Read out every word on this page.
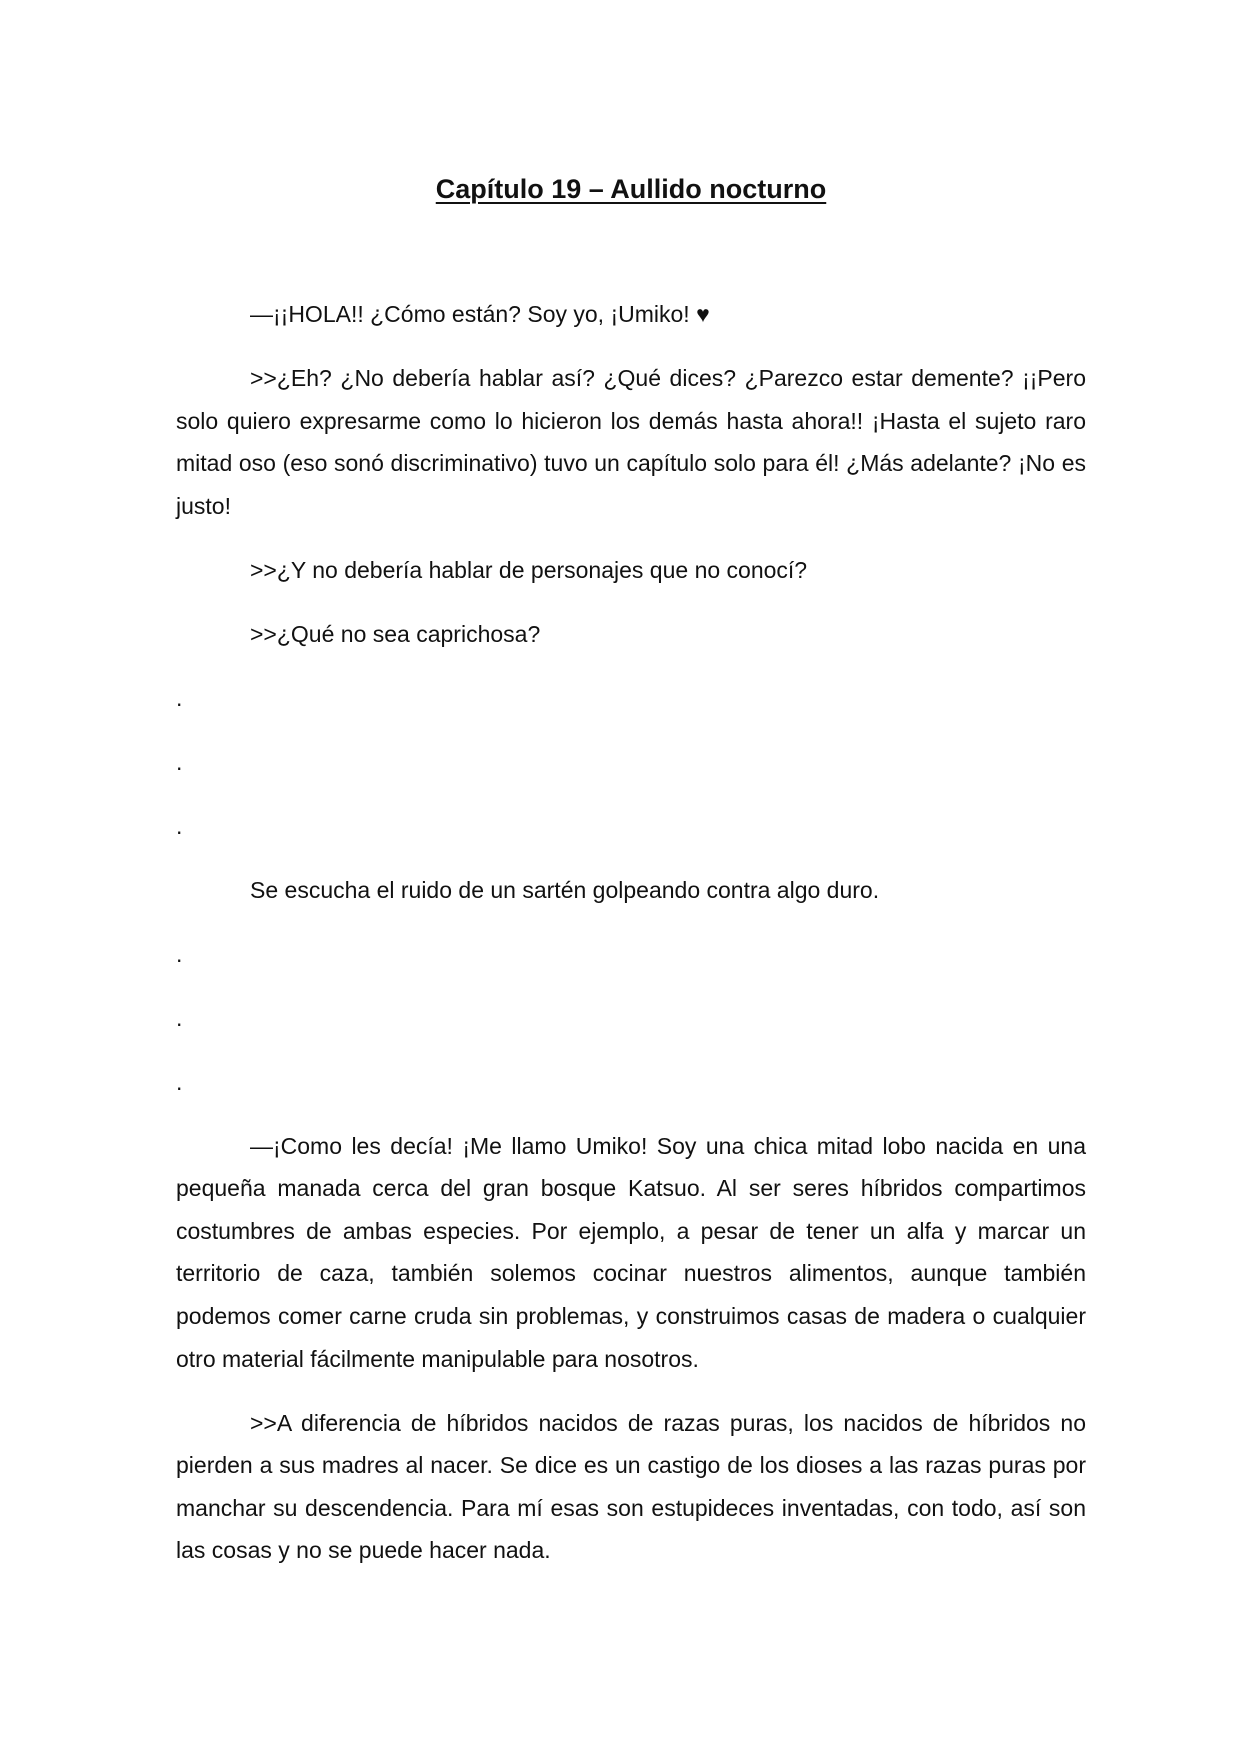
Capítulo 19 – Aullido nocturno

—¡¡HOLA!! ¿Cómo están? Soy yo, ¡Umiko! ♥

>>¿Eh? ¿No debería hablar así? ¿Qué dices? ¿Parezco estar demente? ¡¡Pero solo quiero expresarme como lo hicieron los demás hasta ahora!! ¡Hasta el sujeto raro mitad oso (eso sonó discriminativo) tuvo un capítulo solo para él! ¿Más adelante? ¡No es justo!

>>¿Y no debería hablar de personajes que no conocí?

>>¿Qué no sea caprichosa?

.

.

.

Se escucha el ruido de un sartén golpeando contra algo duro.

.

.

.

—¡Como les decía! ¡Me llamo Umiko! Soy una chica mitad lobo nacida en una pequeña manada cerca del gran bosque Katsuo. Al ser seres híbridos compartimos costumbres de ambas especies. Por ejemplo, a pesar de tener un alfa y marcar un territorio de caza, también solemos cocinar nuestros alimentos, aunque también podemos comer carne cruda sin problemas, y construimos casas de madera o cualquier otro material fácilmente manipulable para nosotros.

>>A diferencia de híbridos nacidos de razas puras, los nacidos de híbridos no pierden a sus madres al nacer. Se dice es un castigo de los dioses a las razas puras por manchar su descendencia. Para mí esas son estupideces inventadas, con todo, así son las cosas y no se puede hacer nada.
